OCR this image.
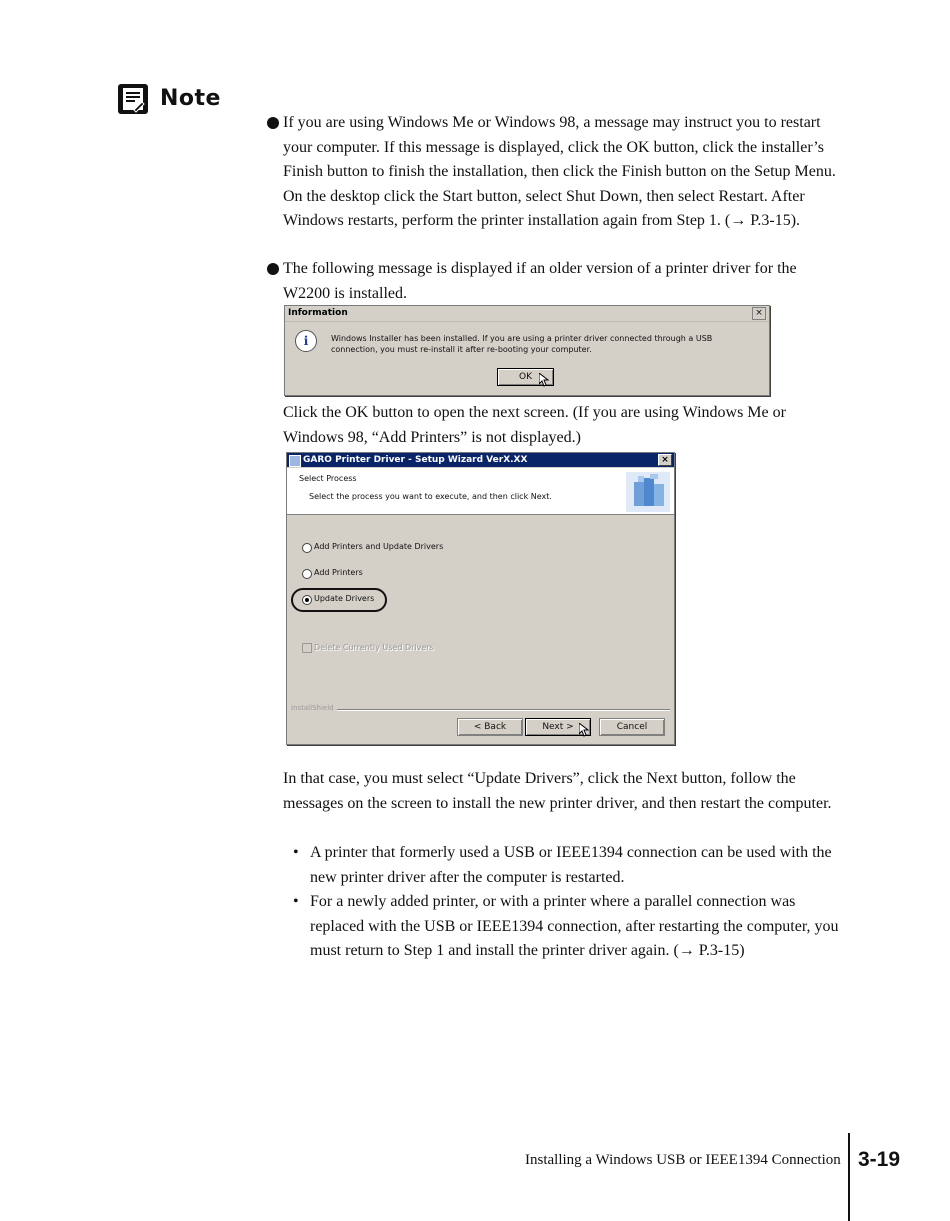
Note
If you are using Windows Me or Windows 98, a message may instruct you to restart your computer. If this message is displayed, click the OK button, click the installer’s Finish button to finish the installation, then click the Finish button on the Setup Menu. On the desktop click the Start button, select Shut Down, then select Restart. After Windows restarts, perform the printer installation again from Step 1. (→ P.3-15).
The following message is displayed if an older version of a printer driver for the W2200 is installed.
Information	×
i	Windows Installer has been installed. If you are using a printer driver connected through a USB connection, you must re-install it after re-booting your computer.
OK
Click the OK button to open the next screen. (If you are using Windows Me or Windows 98, “Add Printers” is not displayed.)
GARO Printer Driver - Setup Wizard VerX.XX	×
Select Process
Select the process you want to execute, and then click Next.
Add Printers and Update Drivers
Add Printers
Update Drivers
Delete Currently Used Drivers
InstallShield
< Back	Next >	Cancel
In that case, you must select “Update Drivers”, click the Next button, follow the messages on the screen to install the new printer driver, and then restart the computer.
• A printer that formerly used a USB or IEEE1394 connection can be used with the new printer driver after the computer is restarted.
• For a newly added printer, or with a printer where a parallel connection was replaced with the USB or IEEE1394 connection, after restarting the computer, you must return to Step 1 and install the printer driver again. (→ P.3-15)
Installing a Windows USB or IEEE1394 Connection 3-19
